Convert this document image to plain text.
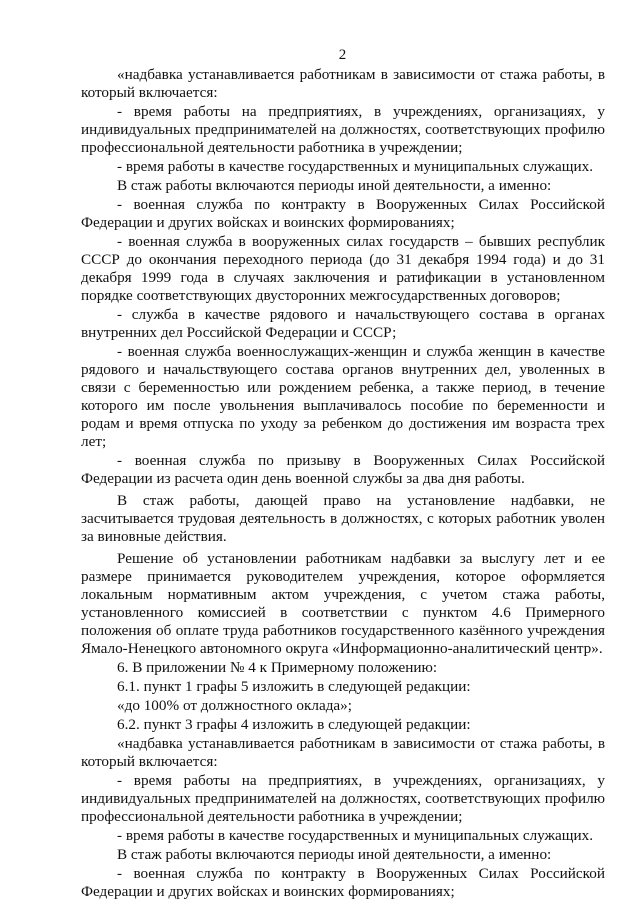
2

«надбавка устанавливается работникам в зависимости от стажа работы, в который включается:

- время работы на предприятиях, в учреждениях, организациях, у индивидуальных предпринимателей на должностях, соответствующих профилю профессиональной деятельности работника в учреждении;

- время работы в качестве государственных и муниципальных служащих.

В стаж работы включаются периоды иной деятельности, а именно:

- военная служба по контракту в Вооруженных Силах Российской Федерации и других войсках и воинских формированиях;

- военная служба в вооруженных силах государств – бывших республик СССР до окончания переходного периода (до 31 декабря 1994 года) и до 31 декабря 1999 года в случаях заключения и ратификации в установленном порядке соответствующих двусторонних межгосударственных договоров;

- служба в качестве рядового и начальствующего состава в органах внутренних дел Российской Федерации и СССР;

- военная служба военнослужащих-женщин и служба женщин в качестве рядового и начальствующего состава органов внутренних дел, уволенных в связи с беременностью или рождением ребенка, а также период, в течение которого им после увольнения выплачивалось пособие по беременности и родам и время отпуска по уходу за ребенком до достижения им возраста трех лет;

- военная служба по призыву в Вооруженных Силах Российской Федерации из расчета один день военной службы за два дня работы.

В стаж работы, дающей право на установление надбавки, не засчитывается трудовая деятельность в должностях, с которых работник уволен за виновные действия.

Решение об установлении работникам надбавки за выслугу лет и ее размере принимается руководителем учреждения, которое оформляется локальным нормативным актом учреждения, с учетом стажа работы, установленного комиссией в соответствии с пунктом 4.6 Примерного положения об оплате труда работников государственного казённого учреждения Ямало-Ненецкого автономного округа «Информационно-аналитический центр».

6. В приложении № 4 к Примерному положению:

6.1. пункт 1 графы 5 изложить в следующей редакции:

«до 100% от должностного оклада»;

6.2. пункт 3 графы 4 изложить в следующей редакции:

«надбавка устанавливается работникам в зависимости от стажа работы, в который включается:

- время работы на предприятиях, в учреждениях, организациях, у индивидуальных предпринимателей на должностях, соответствующих профилю профессиональной деятельности работника в учреждении;

- время работы в качестве государственных и муниципальных служащих.

В стаж работы включаются периоды иной деятельности, а именно:

- военная служба по контракту в Вооруженных Силах Российской Федерации и других войсках и воинских формированиях;
